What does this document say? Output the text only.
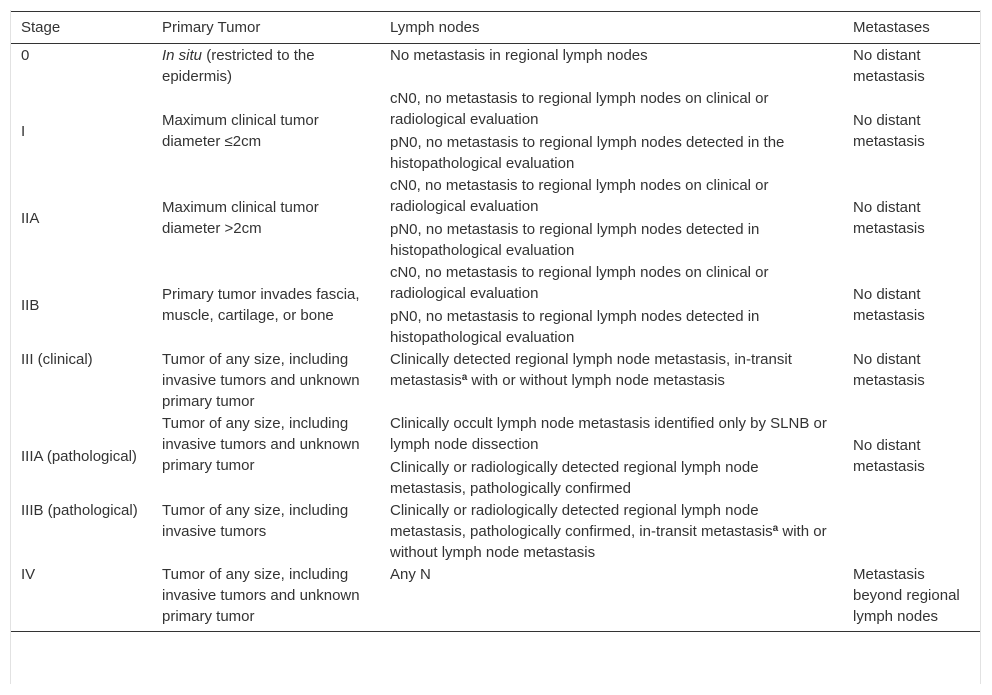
Stage	Primary Tumor	Lymph nodes	Metastases
0	In situ (restricted to the epidermis)	No metastasis in regional lymph nodes	No distant metastasis
I	Maximum clinical tumor diameter ≤2cm	cN0, no metastasis to regional lymph nodes on clinical or radiological evaluation
pN0, no metastasis to regional lymph nodes detected in the histopathological evaluation	No distant metastasis
IIA	Maximum clinical tumor diameter >2cm	cN0, no metastasis to regional lymph nodes on clinical or radiological evaluation
pN0, no metastasis to regional lymph nodes detected in histopathological evaluation	No distant metastasis
IIB	Primary tumor invades fascia, muscle, cartilage, or bone	cN0, no metastasis to regional lymph nodes on clinical or radiological evaluation
pN0, no metastasis to regional lymph nodes detected in histopathological evaluation	No distant metastasis
III (clinical)	Tumor of any size, including invasive tumors and unknown primary tumor	Clinically detected regional lymph node metastasis, in-transit metastasis$^a$ with or without lymph node metastasis	No distant metastasis
IIIA (pathological)	Tumor of any size, including invasive tumors and unknown primary tumor	Clinically occult lymph node metastasis identified only by SLNB or lymph node dissection
Clinically or radiologically detected regional lymph node metastasis, pathologically confirmed	No distant metastasis
IIIB (pathological)	Tumor of any size, including invasive tumors	Clinically or radiologically detected regional lymph node metastasis, pathologically confirmed, in-transit metastasis$^a$ with or without lymph node metastasis	
IV	Tumor of any size, including invasive tumors and unknown primary tumor	Any N	Metastasis beyond regional lymph nodes
